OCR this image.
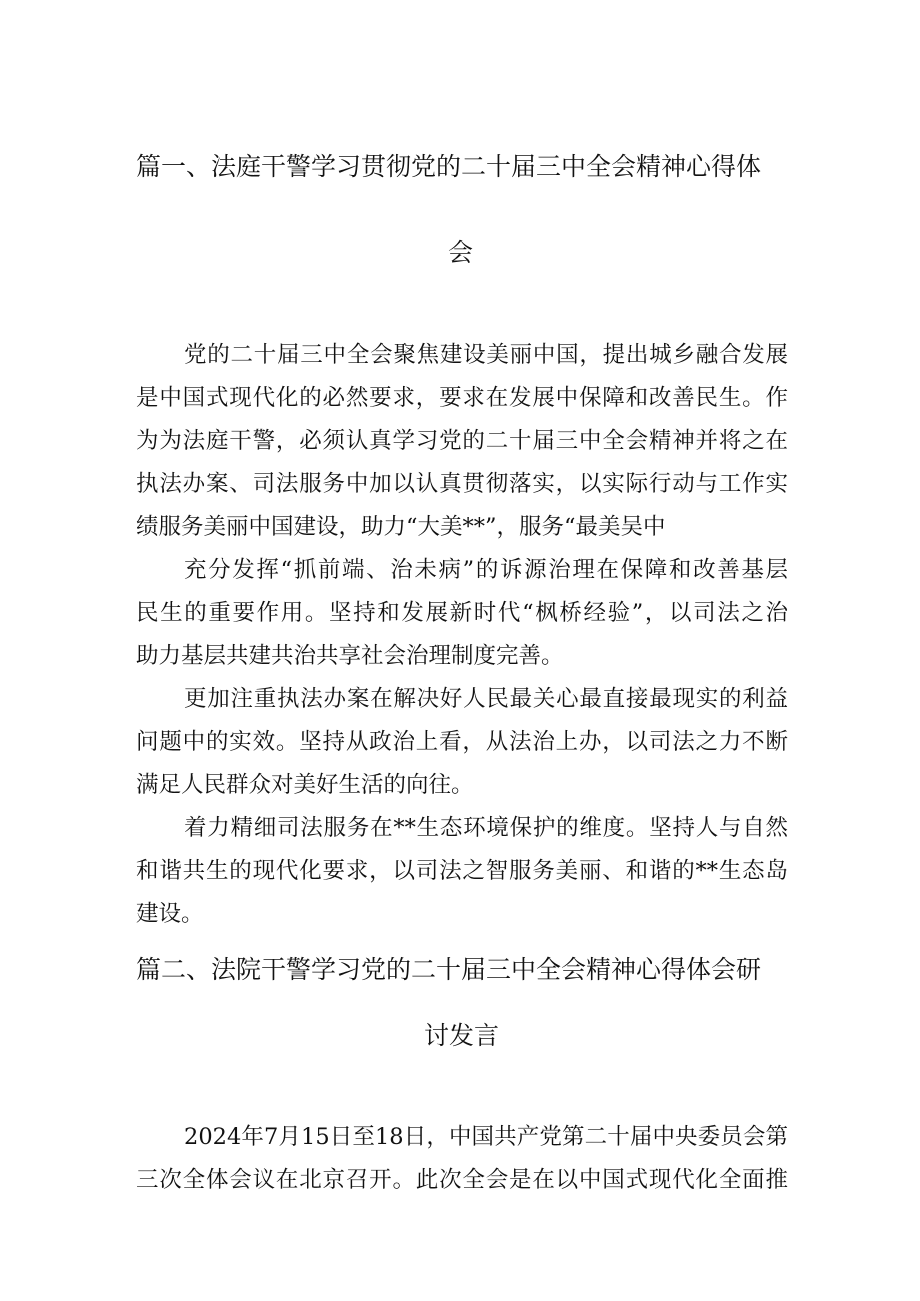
篇一、法庭干警学习贯彻党的二十届三中全会精神心得体
会
党的二十届三中全会聚焦建设美丽中国，提出城乡融合发展
是中国式现代化的必然要求，要求在发展中保障和改善民生。作
为为法庭干警，必须认真学习党的二十届三中全会精神并将之在
执法办案、司法服务中加以认真贯彻落实，以实际行动与工作实
绩服务美丽中国建设，助力“大美**”，服务“最美吴中
充分发挥“抓前端、治未病”的诉源治理在保障和改善基层
民生的重要作用。坚持和发展新时代“枫桥经验”，以司法之治
助力基层共建共治共享社会治理制度完善。
更加注重执法办案在解决好人民最关心最直接最现实的利益
问题中的实效。坚持从政治上看，从法治上办，以司法之力不断
满足人民群众对美好生活的向往。
着力精细司法服务在**生态环境保护的维度。坚持人与自然
和谐共生的现代化要求，以司法之智服务美丽、和谐的**生态岛
建设。
篇二、法院干警学习党的二十届三中全会精神心得体会研
讨发言
2024年7月15日至18日，中国共产党第二十届中央委员会第
三次全体会议在北京召开。此次全会是在以中国式现代化全面推
